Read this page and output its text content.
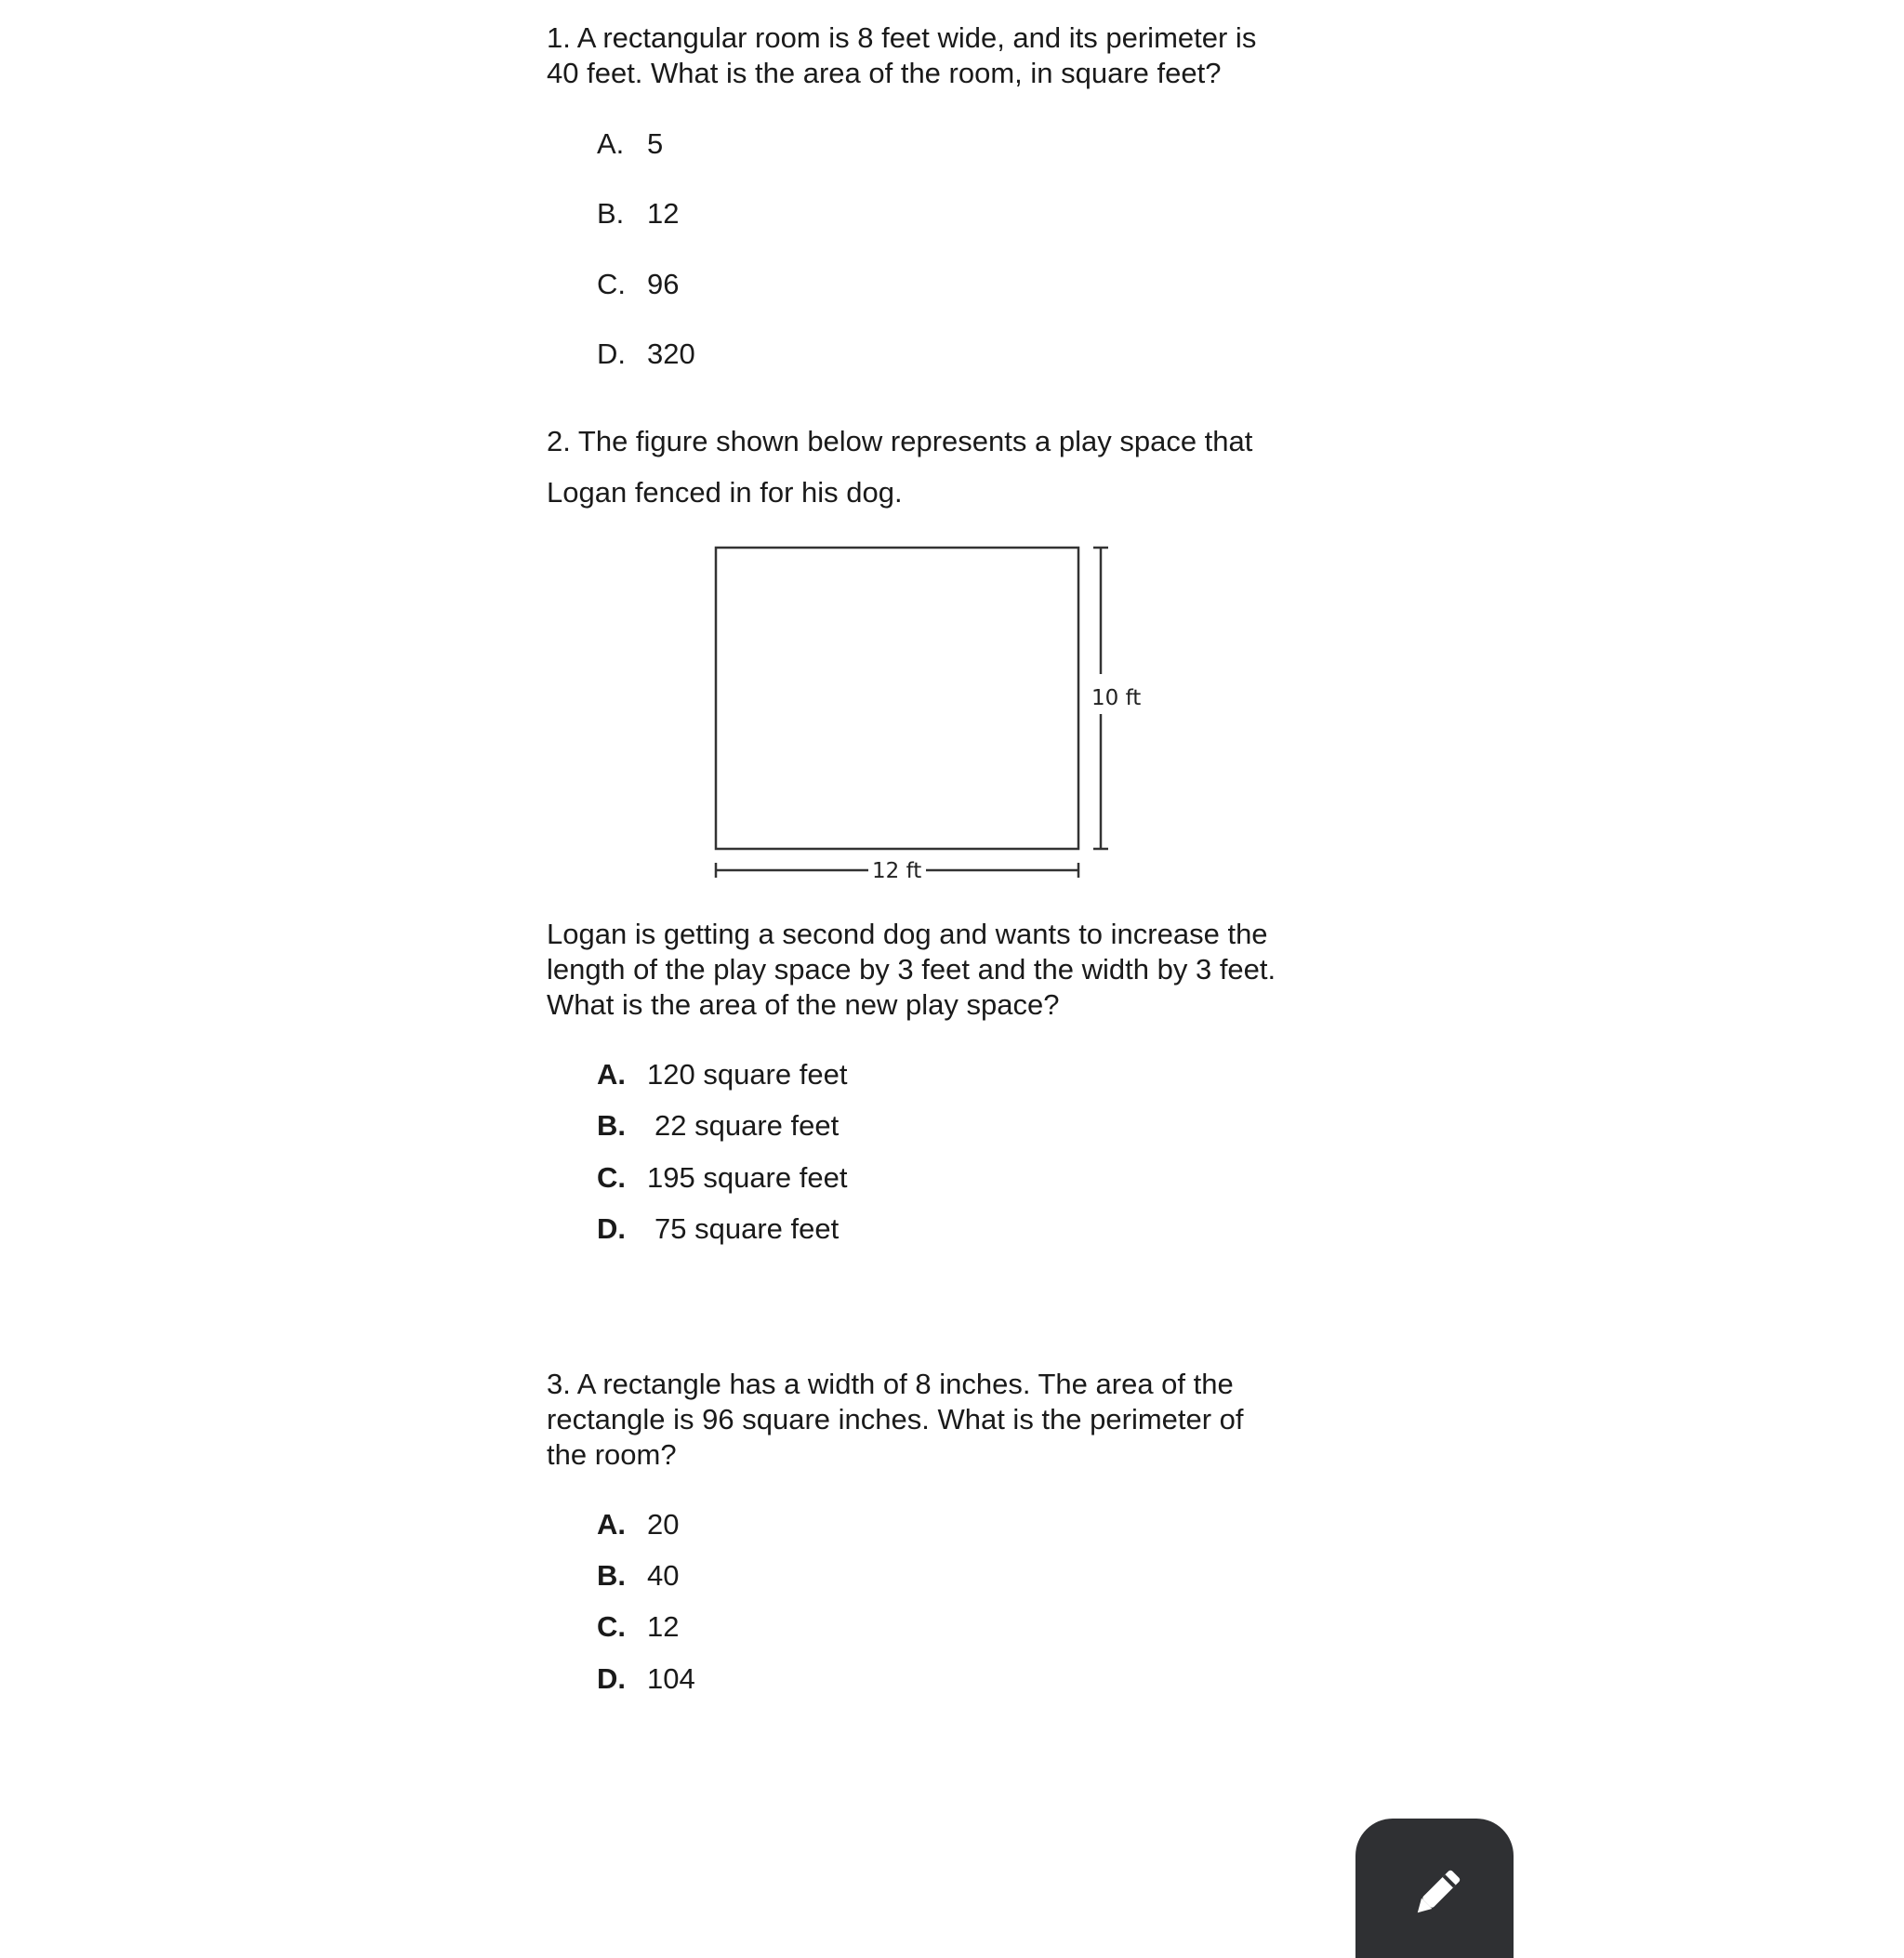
1. A rectangular room is 8 feet wide, and its perimeter is

40 feet. What is the area of the room, in square feet?

A. 5
B. 12
C. 96
D. 320

2. The figure shown below represents a play space that

Logan fenced in for his dog.

10 ft
12 ft

Logan is getting a second dog and wants to increase the

length of the play space by 3 feet and the width by 3 feet.

What is the area of the new play space?

A. 120 square feet
B. 22 square feet
C. 195 square feet
D. 75 square feet

3. A rectangle has a width of 8 inches. The area of the

rectangle is 96 square inches. What is the perimeter of

the room?

A. 20
B. 40
C. 12
D. 104
